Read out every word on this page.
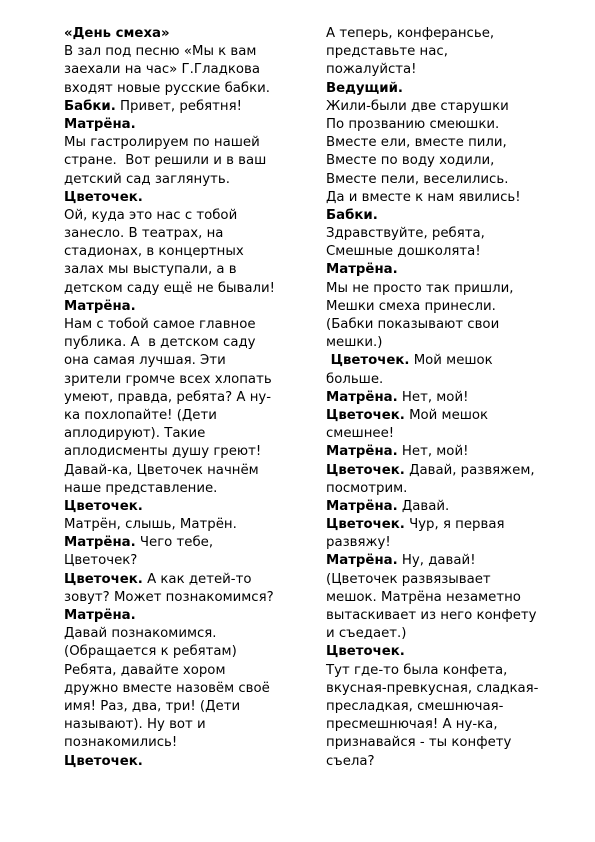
«День смеха»
В зал под песню «Мы к вам
заехали на час» Г.Гладкова
входят новые русские бабки.
Бабки. Привет, ребятня!
Матрёна.
Мы гастролируем по нашей
стране.  Вот решили и в ваш
детский сад заглянуть.
Цветочек.
Ой, куда это нас с тобой
занесло. В театрах, на
стадионах, в концертных
залах мы выступали, а в
детском саду ещё не бывали!
Матрёна.
Нам с тобой самое главное
публика. А  в детском саду
она самая лучшая. Эти
зрители громче всех хлопать
умеют, правда, ребята? А ну-
ка похлопайте! (Дети
аплодируют). Такие
аплодисменты душу греют!
Давай-ка, Цветочек начнём
наше представление.
Цветочек.
Матрён, слышь, Матрён.
Матрёна. Чего тебе,
Цветочек?
Цветочек. А как детей-то
зовут? Может познакомимся?
Матрёна.
Давай познакомимся.
(Обращается к ребятам)
Ребята, давайте хором
дружно вместе назовём своё
имя! Раз, два, три! (Дети
называют). Ну вот и
познакомились!
Цветочек.
А теперь, конферансье,
представьте нас,
пожалуйста!
Ведущий.
Жили-были две старушки
По прозванию смеюшки.
Вместе ели, вместе пили,
Вместе по воду ходили,
Вместе пели, веселились.
Да и вместе к нам явились!
Бабки.
Здравствуйте, ребята,
Смешные дошколята!
Матрёна.
Мы не просто так пришли,
Мешки смеха принесли.
(Бабки показывают свои
мешки.)
Цветочек. Мой мешок
больше.
Матрёна. Нет, мой!
Цветочек. Мой мешок
смешнее!
Матрёна. Нет, мой!
Цветочек. Давай, развяжем,
посмотрим.
Матрёна. Давай.
Цветочек. Чур, я первая
развяжу!
Матрёна. Ну, давай!
(Цветочек развязывает
мешок. Матрёна незаметно
вытаскивает из него конфету
и съедает.)
Цветочек.
Тут где-то была конфета,
вкусная-превкусная, сладкая-
пресладкая, смешнючая-
пресмешнючая! А ну-ка,
признавайся - ты конфету
съела?
